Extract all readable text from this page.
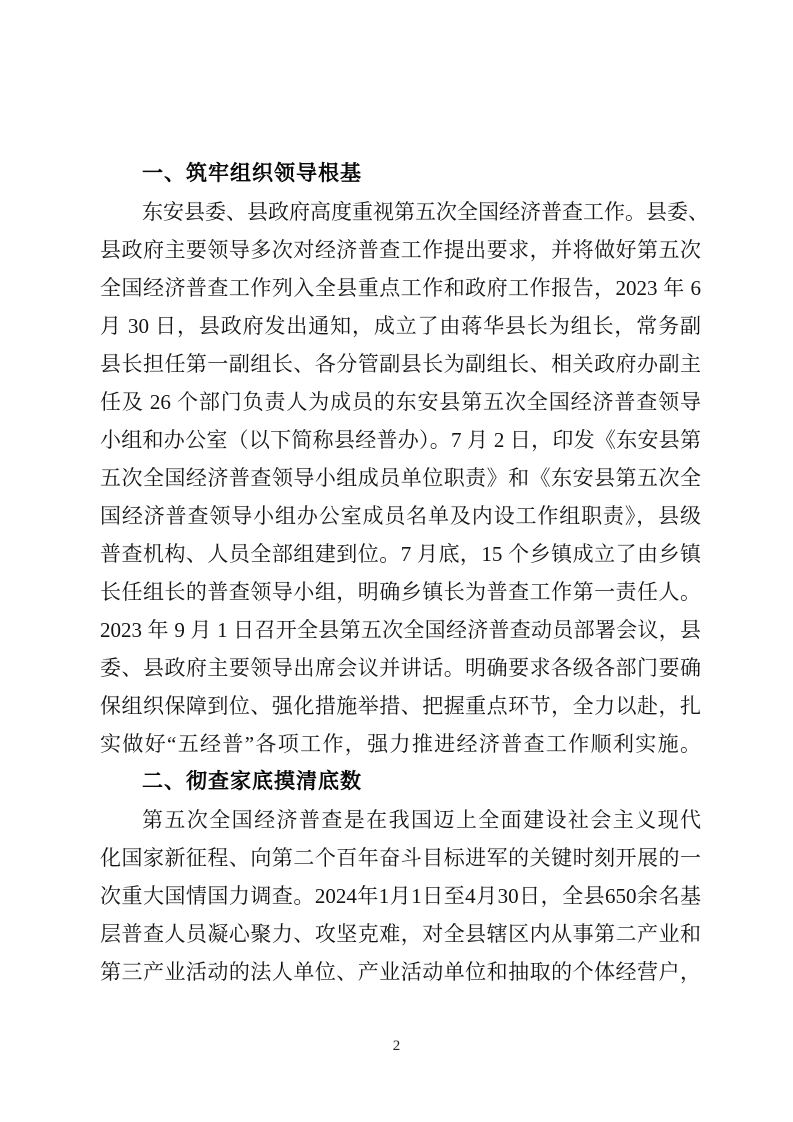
一、筑牢组织领导根基
东安县委、县政府高度重视第五次全国经济普查工作。县委、
县政府主要领导多次对经济普查工作提出要求，并将做好第五次
全国经济普查工作列入全县重点工作和政府工作报告，2023 年 6
月 30 日，县政府发出通知，成立了由蒋华县长为组长，常务副
县长担任第一副组长、各分管副县长为副组长、相关政府办副主
任及 26 个部门负责人为成员的东安县第五次全国经济普查领导
小组和办公室（以下简称县经普办）。7 月 2 日，印发《东安县第
五次全国经济普查领导小组成员单位职责》和《东安县第五次全
国经济普查领导小组办公室成员名单及内设工作组职责》，县级
普查机构、人员全部组建到位。7 月底，15 个乡镇成立了由乡镇
长任组长的普查领导小组，明确乡镇长为普查工作第一责任人。
2023 年 9 月 1 日召开全县第五次全国经济普查动员部署会议，县
委、县政府主要领导出席会议并讲话。明确要求各级各部门要确
保组织保障到位、强化措施举措、把握重点环节，全力以赴，扎
实做好“五经普”各项工作，强力推进经济普查工作顺利实施。
二、彻查家底摸清底数
第五次全国经济普查是在我国迈上全面建设社会主义现代
化国家新征程、向第二个百年奋斗目标进军的关键时刻开展的一
次重大国情国力调查。2024年1月1日至4月30日，全县650余名基
层普查人员凝心聚力、攻坚克难，对全县辖区内从事第二产业和
第三产业活动的法人单位、产业活动单位和抽取的个体经营户，
2
